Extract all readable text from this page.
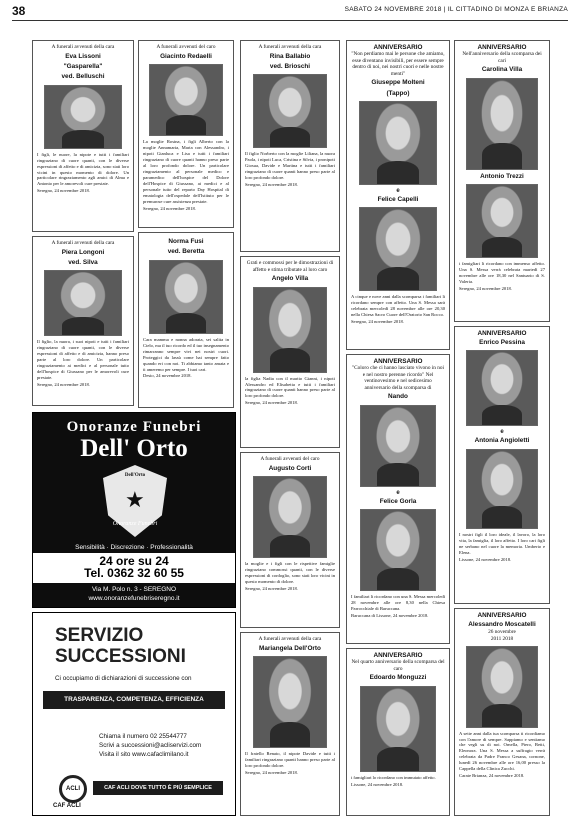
38	SABATO 24 NOVEMBRE 2018 | IL CITTADINO DI MONZA E BRIANZA
A funerali avvenuti della cara
Eva Lissoni
"Gasparella"
ved. Belluschi
I figli, le nuore, la nipote e tutti i familiari ringraziano di cuore quanti, con le diverse espressioni di affetto e di amicizia, sono stati loro vicini in questo momento di dolore. Un particolare ringraziamento agli amici di Alma e Antonio per le amorevoli cure prestate.
Seregno, 24 novembre 2018.
A funerali avvenuti della cara
Piera Longoni
ved. Silva
Il figlio, la nuora, i suoi nipoti e tutti i familiari ringraziano di cuore quanti, con le diverse espressioni di affetto e di amicizia, hanno preso parte al loro dolore. Un particolare ringraziamento ai medici e al personale tutto dell'hospice di Giussano per le amorevoli cure prestate.
Seregno, 24 novembre 2018.
A funerali avvenuti del caro
Giacinto Redaelli
La moglie Rosina, i figli Alberto con la moglie Annamaria, Maria con Alessandro, i nipoti Gianluca e Lisa e tutti i familiari ringraziano di cuore quanti hanno preso parte al loro profondo dolore. Un particolare ringraziamento al personale medico e paramedico dell'hospice del Dolore dell'Hospice di Giussano, ai medici e al personale tutto del reparto Day Hospital di ematologia dell'ospedale dell'Istituto per le premurose cure assistenza prestate.
Seregno, 24 novembre 2018.
Norma Fusi
ved. Beretta
Cara mamma e nonna adorata, sei salita in Cielo, ma il tuo ricordo ed il tuo insegnamento rimarranno sempre vivi nei nostri cuori. Proteggici da lassù come hai sempre fatto quando eri con noi. Ti abbiamo tanto amata e ti ameremo per sempre. I tuoi cari.
Desio, 24 novembre 2018.
Onoranze Funebri
Dell' Orto
Dell'Orto
★
Onoranze Funebri
Sensibilità · Discrezione · Professionalità
24 ore su 24
Tel. 0362 32 60 55
Via M. Polo n. 3 - SEREGNO
www.onoranzefunebriseregno.it
SERVIZIO
SUCCESSIONI
Ci occupiamo di dichiarazioni di successione con
TRASPARENZA, COMPETENZA, EFFICIENZA
Chiama il numero 02 25544777
Scrivi a successioni@acliservizi.com
Visita il sito www.cafaclimilano.it
ACLI
CAF ACLI
CAF ACLI DOVE TUTTO È PIÙ SEMPLICE
A funerali avvenuti della cara
Rina Ballabio
ved. Brioschi
Il figlio Norberto con la moglie Liliana, la nuora Paola, i nipoti Luca, Cristina e Silvia, i pronipoti Giosua, Davide e Martina e tutti i familiari ringraziano di cuore quanti hanno preso parte al loro profondo dolore.
Seregno, 24 novembre 2018.
Grati e commossi per le dimostrazioni di affetto e stima tributate al loro caro
Angelo Villa
la figlia Nadia con il marito Gianni, i nipoti Alessandro ed Elisabetta e tutti i familiari ringraziano di cuore quanti hanno preso parte al loro profondo dolore.
Seregno, 24 novembre 2018.
A funerali avvenuti del caro
Augusto Corti
la moglie e i figli con le rispettive famiglie ringraziano commossi quanti, con le diverse espressioni di cordoglio, sono stati loro vicini in questo momento di dolore.
Seregno, 24 novembre 2018.
A funerali avvenuti della cara
Mariangela Dell'Orto
Il fratello Renato, il nipote Davide e tutti i familiari ringraziano quanti hanno preso parte al loro profondo dolore.
Seregno, 24 novembre 2018.
ANNIVERSARIO
"Non perdiamo mai le persone che amiamo, esse diventano invisibili, per essere sempre dentro di noi, nei nostri cuori e nelle nostre menti"
Giuseppe Molteni
(Tappo)
e
Felice Capelli
A cinque e nove anni dalla scomparsa i familiari li ricordano sempre con affetto. Una S. Messa sarà celebrata mercoledì 28 novembre alle ore 20,30 nella Chiesa Sacro Cuore dell'Oratorio San Rocco.
Seregno, 24 novembre 2018.
ANNIVERSARIO
"Coloro che ci hanno lasciato vivono in noi e nel nostro perenne ricordo" Nel ventinovesimo e nel sedicesimo anniversario della scomparsa di
Nando
e
Felice Gorla
I familiari li ricordano con una S. Messa mercoledì 28 novembre alle ore 8,30 nella Chiesa Parrocchiale di Baruccana.
Baruccana di Lissone, 24 novembre 2018.
ANNIVERSARIO
Nel quarto anniversario della scomparsa del caro
Edoardo Monguzzi
i famigliari lo ricordano con immutato affetto.
Lissone, 24 novembre 2018.
ANNIVERSARIO
Nell'anniversario della scomparsa dei cari
Carolina Villa
Antonio Trezzi
i famigliari li ricordano con immenso affetto. Una S. Messa verrà celebrata martedì 27 novembre alle ore 18,30 nel Santuario di S. Valeria.
Seregno, 24 novembre 2018.
ANNIVERSARIO
Enrico Pessina
e
Antonia Angioletti
I nostri figli il loro ideale, il lavoro, la loro vita, la famiglia, il loro affetto. I loro cari figli ne serbano nel cuore la memoria. Umberto e Elena.
Lissone, 24 novembre 2018.
ANNIVERSARIO
Alessandro Moscatelli
26 novembre
2011 2018
A sette anni dalla tua scomparsa ti ricordiamo con l'amore di sempre. Sappiamo e sentiamo che vegli su di noi. Ornella, Piero, Betti, Eleonora. Una S. Messa a suffragio verrà celebrata da Padre Franco Gesana, cornone, lunedì 26 novembre alle ore 16,00 presso la Cappella della Clinica Zucchi.
Carate Brianza, 24 novembre 2018.
